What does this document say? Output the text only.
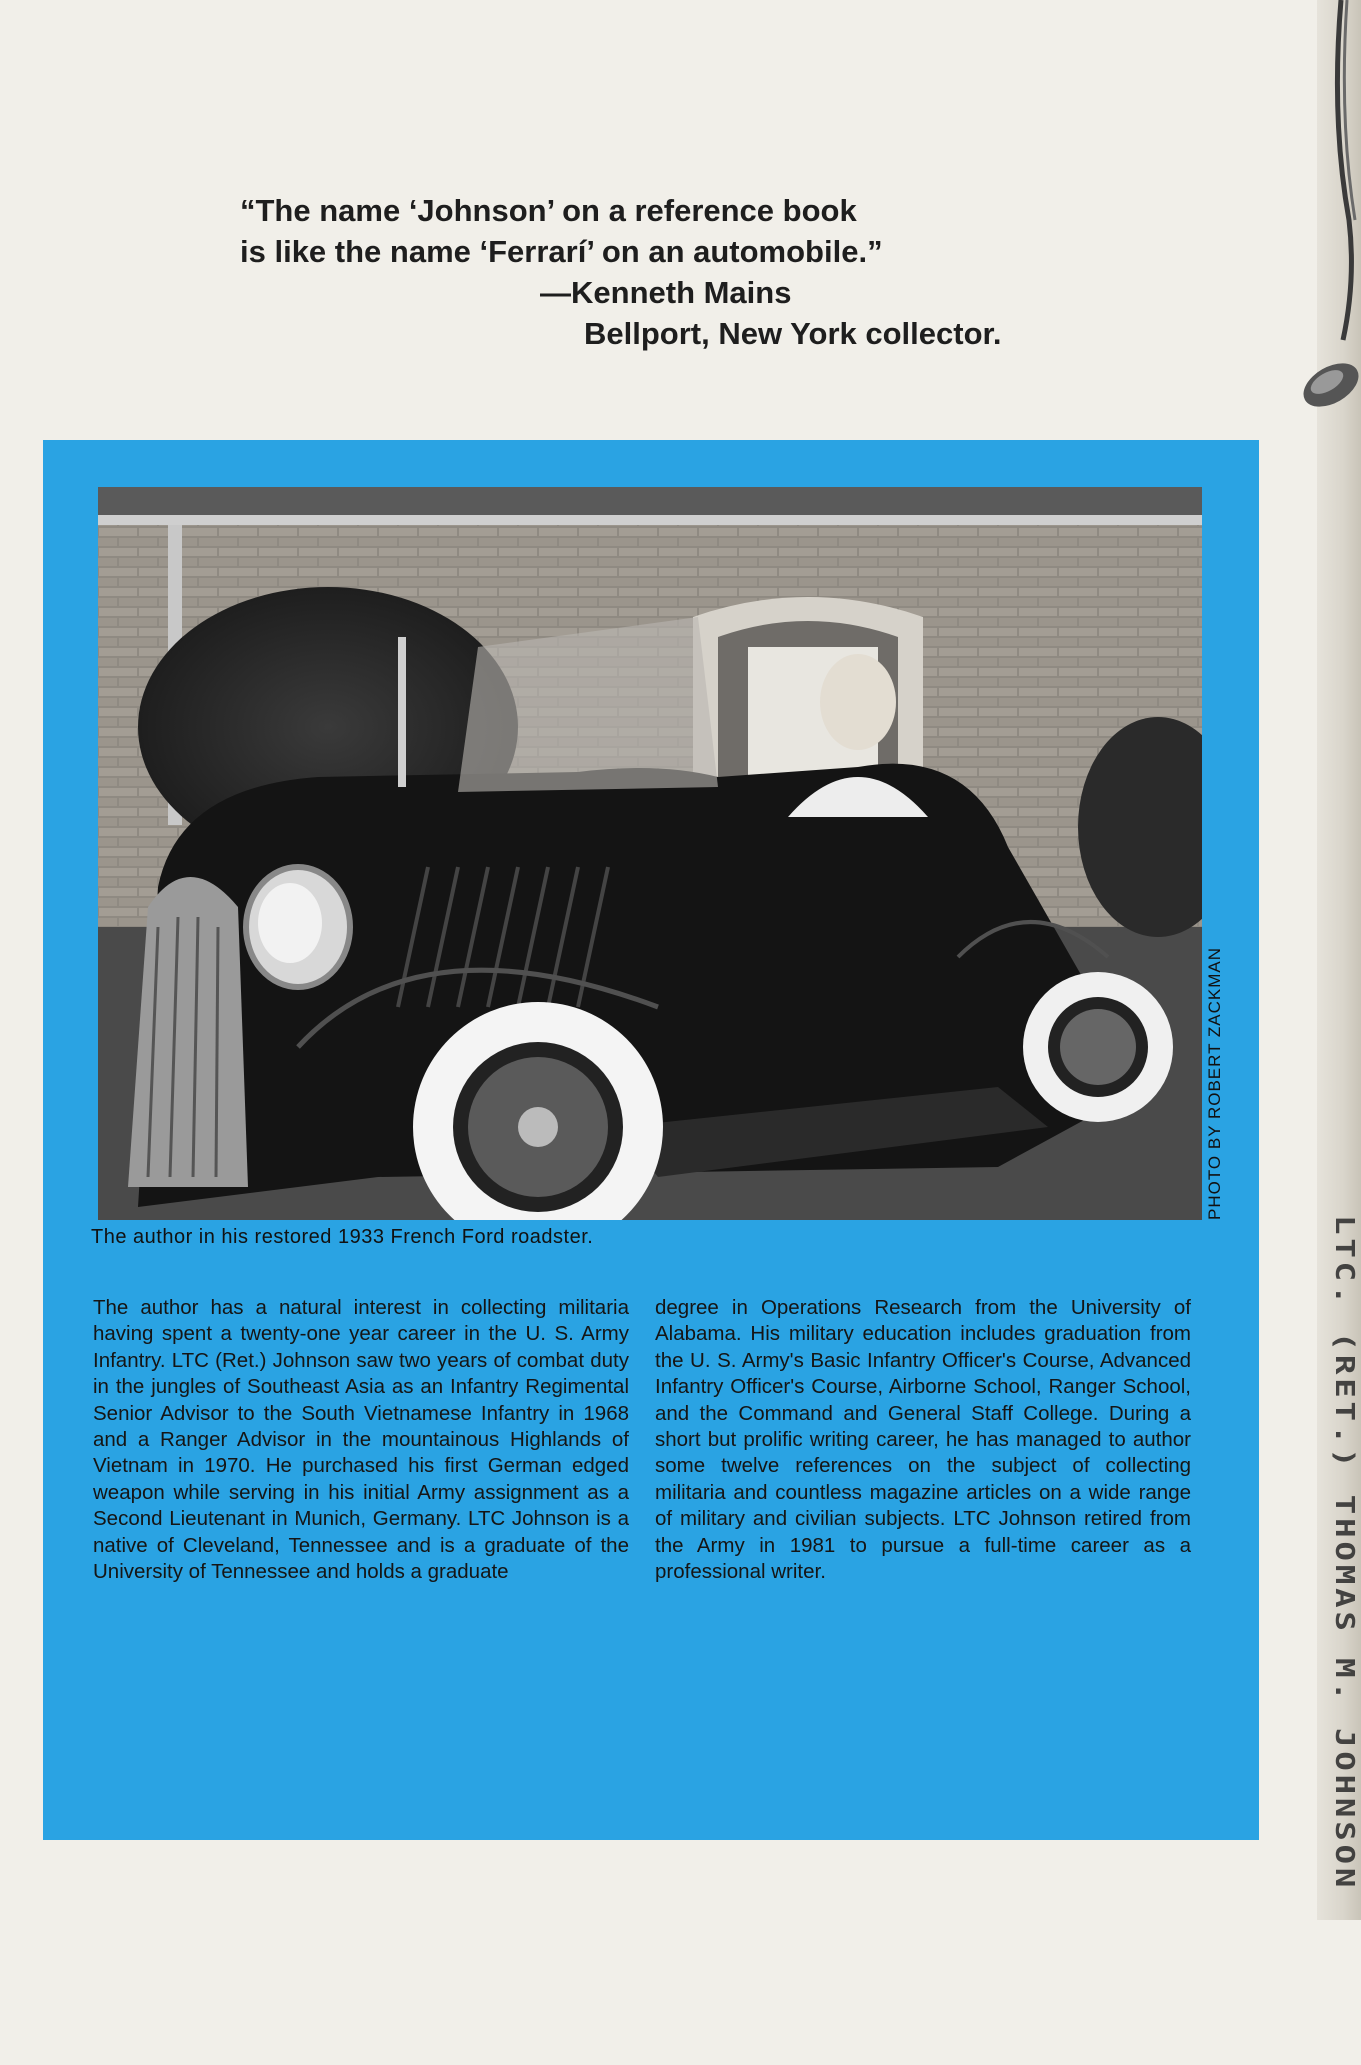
LTC. (RET.) THOMAS M. JOHNSON
“The name ‘Johnson’ on a reference book
is like the name ‘Ferrarí’ on an automobile.”
—Kenneth Mains
Bellport, New York collector.
PHOTO BY ROBERT ZACKMAN
The author in his restored 1933 French Ford roadster.
The author has a natural interest in collecting militaria having spent a twenty-one year career in the U. S. Army Infantry. LTC (Ret.) Johnson saw two years of combat duty in the jungles of Southeast Asia as an Infantry Regimental Senior Advisor to the South Vietnamese Infantry in 1968 and a Ranger Advisor in the mountainous Highlands of Vietnam in 1970. He purchased his first German edged weapon while serving in his initial Army assignment as a Second Lieutenant in Munich, Germany. LTC Johnson is a native of Cleveland, Tennessee and is a graduate of the University of Tennessee and holds a graduate
degree in Operations Research from the University of Alabama. His military education includes graduation from the U. S. Army's Basic Infantry Officer's Course, Advanced Infantry Officer's Course, Airborne School, Ranger School, and the Command and General Staff College. During a short but prolific writing career, he has managed to author some twelve references on the subject of collecting militaria and countless magazine articles on a wide range of military and civilian subjects. LTC Johnson retired from the Army in 1981 to pursue a full-time career as a professional writer.
